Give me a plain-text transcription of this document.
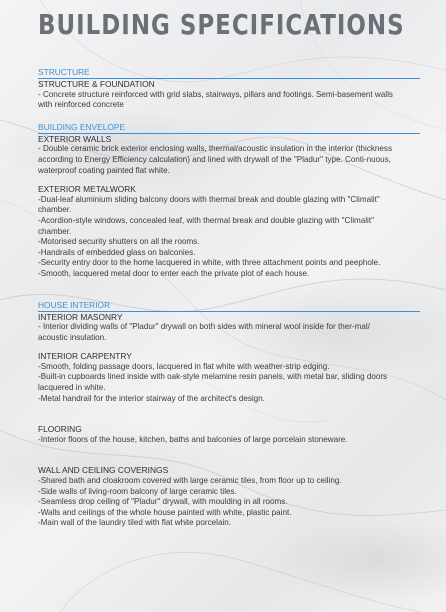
BUILDING SPECIFICATIONS
STRUCTURE
STRUCTURE & FOUNDATION
- Concrete structure reinforced with grid slabs, stairways, pillars and footings. Semi-basement walls
with reinforced concrete
BUILDING ENVELOPE
EXTERIOR WALLS
- Double ceramic brick exterior enclosing walls, thermal/acoustic insulation in the interior (thickness
according to Energy Efficiency calculation) and lined with drywall of the "Pladur" type. Conti-nuous,
waterproof coating painted flat white.
EXTERIOR METALWORK
-Dual-leaf aluminium sliding balcony doors with thermal break and double glazing with "Climalit"
chamber.
-Acordion-style windows, concealed leaf, with thermal break and double glazing with "Climalit"
chamber.
-Motorised security shutters on all the rooms.
-Handrails of embedded glass on balconies.
-Security entry door to the home lacquered in white, with three attachment points and peephole.
-Smooth, lacquered metal door to enter each the private plot of each house.
HOUSE INTERIOR
INTERIOR MASONRY
- Interior dividing walls of "Pladur" drywall on both sides with mineral wool inside for ther-mal/
acoustic insulation.
INTERIOR CARPENTRY
-Smooth, folding passage doors, lacquered in flat white with weather-strip edging.
-Built-in cupboards lined inside with oak-style melamine resin panels, with metal bar, sliding doors
lacquered in white.
-Metal handrail for the interior stairway of the architect's design.
FLOORING
-Interior floors of the house, kitchen, baths and balconies of large porcelain stoneware.
WALL AND CEILING COVERINGS
-Shared bath and cloakroom covered with large ceramic tiles, from floor up to ceiling.
-Side walls of living-room balcony of large ceramic tiles.
-Seamless drop ceiling of "Pladur" drywall, with moulding in all rooms.
-Walls and ceilings of the whole house painted with white, plastic paint.
-Main wall of the laundry tiled with flat white porcelain.
